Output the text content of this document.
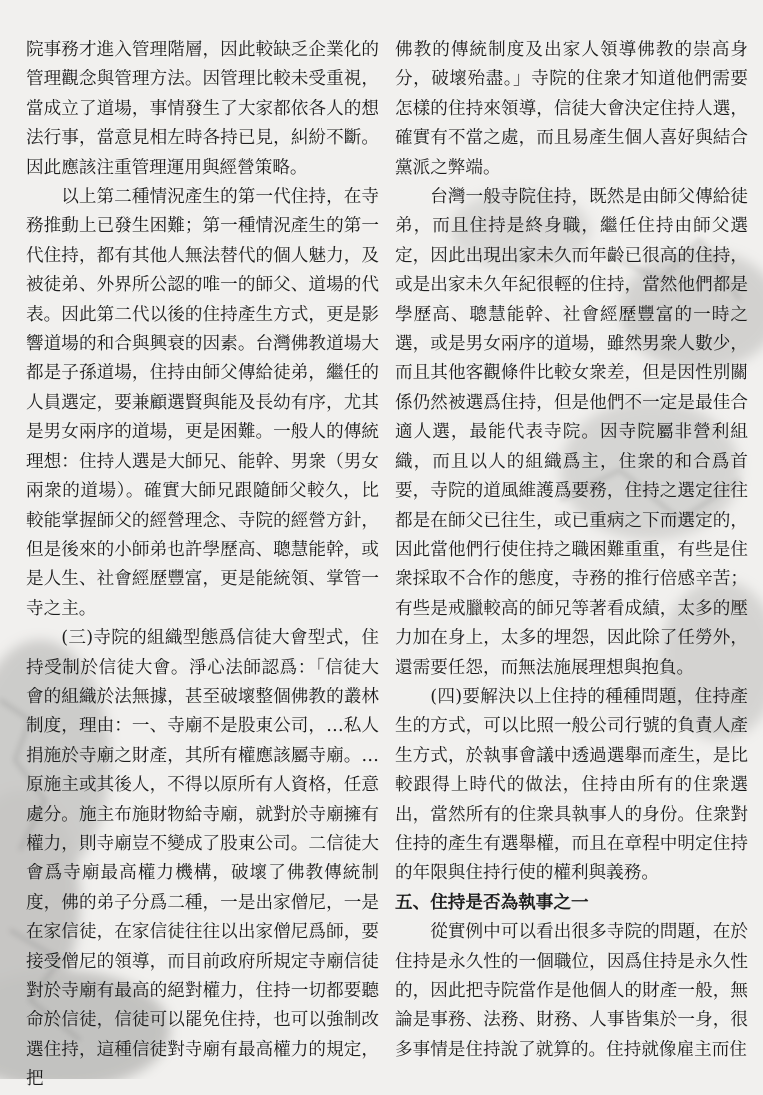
院事務才進入管理階層，因此較缺乏企業化的管理觀念與管理方法。因管理比較未受重視，當成立了道場，事情發生了大家都依各人的想法行事，當意見相左時各持已見，糾紛不斷。因此應該注重管理運用與經營策略。

以上第二種情況產生的第一代住持，在寺務推動上已發生困難；第一種情況產生的第一代住持，都有其他人無法替代的個人魅力，及被徒弟、外界所公認的唯一的師父、道場的代表。因此第二代以後的住持產生方式，更是影響道場的和合與興衰的因素。台灣佛教道場大都是子孫道場，住持由師父傳給徒弟，繼任的人員選定，要兼顧選賢與能及長幼有序，尤其是男女兩序的道場，更是困難。一般人的傳統理想：住持人選是大師兄、能幹、男衆（男女兩衆的道場）。確實大師兄跟隨師父較久，比較能掌握師父的經營理念、寺院的經營方針，但是後來的小師弟也許學歷高、聰慧能幹，或是人生、社會經歷豐富，更是能統領、掌管一寺之主。

(三)寺院的組織型態爲信徒大會型式，住持受制於信徒大會。淨心法師認爲：「信徒大會的組織於法無據，甚至破壞整個佛教的叢林制度，理由：一、寺廟不是股東公司，…私人捐施於寺廟之財產，其所有權應該屬寺廟。…原施主或其後人，不得以原所有人資格，任意處分。施主布施財物給寺廟，就對於寺廟擁有權力，則寺廟豈不變成了股東公司。二信徒大會爲寺廟最高權力機構，破壞了佛教傳統制度，佛的弟子分爲二種，一是出家僧尼，一是在家信徒，在家信徒往往以出家僧尼爲師，要接受僧尼的領導，而目前政府所規定寺廟信徒對於寺廟有最高的絕對權力，住持一切都要聽命於信徒，信徒可以罷免住持，也可以強制改選住持，這種信徒對寺廟有最高權力的規定，把

佛教的傳統制度及出家人領導佛教的崇高身分，破壞殆盡。」寺院的住衆才知道他們需要怎樣的住持來領導，信徒大會決定住持人選，確實有不當之處，而且易產生個人喜好與結合黨派之弊端。

台灣一般寺院住持，既然是由師父傳給徒弟，而且住持是終身職，繼任住持由師父選定，因此出現出家未久而年齡已很高的住持，或是出家未久年紀很輕的住持，當然他們都是學歷高、聰慧能幹、社會經歷豐富的一時之選，或是男女兩序的道場，雖然男衆人數少，而且其他客觀條件比較女衆差，但是因性別關係仍然被選爲住持，但是他們不一定是最佳合適人選，最能代表寺院。因寺院屬非營利組織，而且以人的組織爲主，住衆的和合爲首要，寺院的道風維護爲要務，住持之選定往往都是在師父已往生，或已重病之下而選定的，因此當他們行使住持之職困難重重，有些是住衆採取不合作的態度，寺務的推行倍感辛苦；有些是戒臘較高的師兄等著看成績，太多的壓力加在身上，太多的埋怨，因此除了任勞外，還需要任怨，而無法施展理想與抱負。

(四)要解決以上住持的種種問題，住持產生的方式，可以比照一般公司行號的負責人產生方式，於執事會議中透過選舉而產生，是比較跟得上時代的做法，住持由所有的住衆選出，當然所有的住衆具執事人的身份。住衆對住持的產生有選舉權，而且在章程中明定住持的年限與住持行使的權利與義務。

五、住持是否為執事之一

從實例中可以看出很多寺院的問題，在於住持是永久性的一個職位，因爲住持是永久性的，因此把寺院當作是他個人的財產一般，無論是事務、法務、財務、人事皆集於一身，很多事情是住持說了就算的。住持就像雇主而住
